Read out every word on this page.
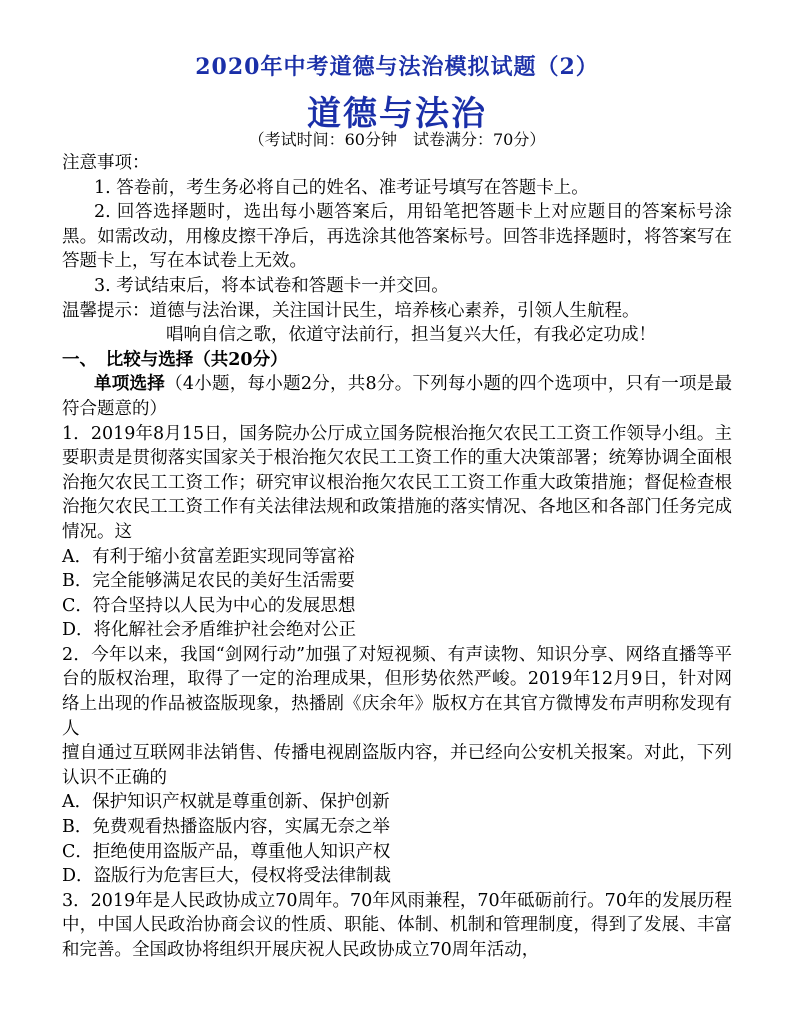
2020年中考道德与法治模拟试题（2）
道德与法治
（考试时间：60分钟　试卷满分：70分）

注意事项：

1. 答卷前，考生务必将自己的姓名、准考证号填写在答题卡上。

2. 回答选择题时，选出每小题答案后，用铅笔把答题卡上对应题目的答案标号涂黑。如需改动，用橡皮擦干净后，再选涂其他答案标号。回答非选择题时，将答案写在答题卡上，写在本试卷上无效。

3. 考试结束后，将本试卷和答题卡一并交回。

温馨提示：道德与法治课，关注国计民生，培养核心素养，引领人生航程。

唱响自信之歌，依道守法前行，担当复兴大任，有我必定功成！

一、　比较与选择（共20分）

单项选择（4小题，每小题2分，共8分。下列每小题的四个选项中，只有一项是最符合题意的）

1．2019年8月15日，国务院办公厅成立国务院根治拖欠农民工工资工作领导小组。主要职责是贯彻落实国家关于根治拖欠农民工工资工作的重大决策部署；统筹协调全面根治拖欠农民工工资工作；研究审议根治拖欠农民工工资工作重大政策措施；督促检查根治拖欠农民工工资工作有关法律法规和政策措施的落实情况、各地区和各部门任务完成情况。这

A．有利于缩小贫富差距实现同等富裕

B．完全能够满足农民的美好生活需要

C．符合坚持以人民为中心的发展思想

D．将化解社会矛盾维护社会绝对公正

2．今年以来，我国“剑网行动”加强了对短视频、有声读物、知识分享、网络直播等平台的版权治理，取得了一定的治理成果，但形势依然严峻。2019年12月9日，针对网络上出现的作品被盗版现象，热播剧《庆余年》版权方在其官方微博发布声明称发现有人

擅自通过互联网非法销售、传播电视剧盗版内容，并已经向公安机关报案。对此，下列认识不正确的

A．保护知识产权就是尊重创新、保护创新

B．免费观看热播盗版内容，实属无奈之举

C．拒绝使用盗版产品，尊重他人知识产权

D．盗版行为危害巨大，侵权将受法律制裁

3．2019年是人民政协成立70周年。70年风雨兼程，70年砥砺前行。70年的发展历程中，中国人民政治协商会议的性质、职能、体制、机制和管理制度，得到了发展、丰富和完善。全国政协将组织开展庆祝人民政协成立70周年活动，
